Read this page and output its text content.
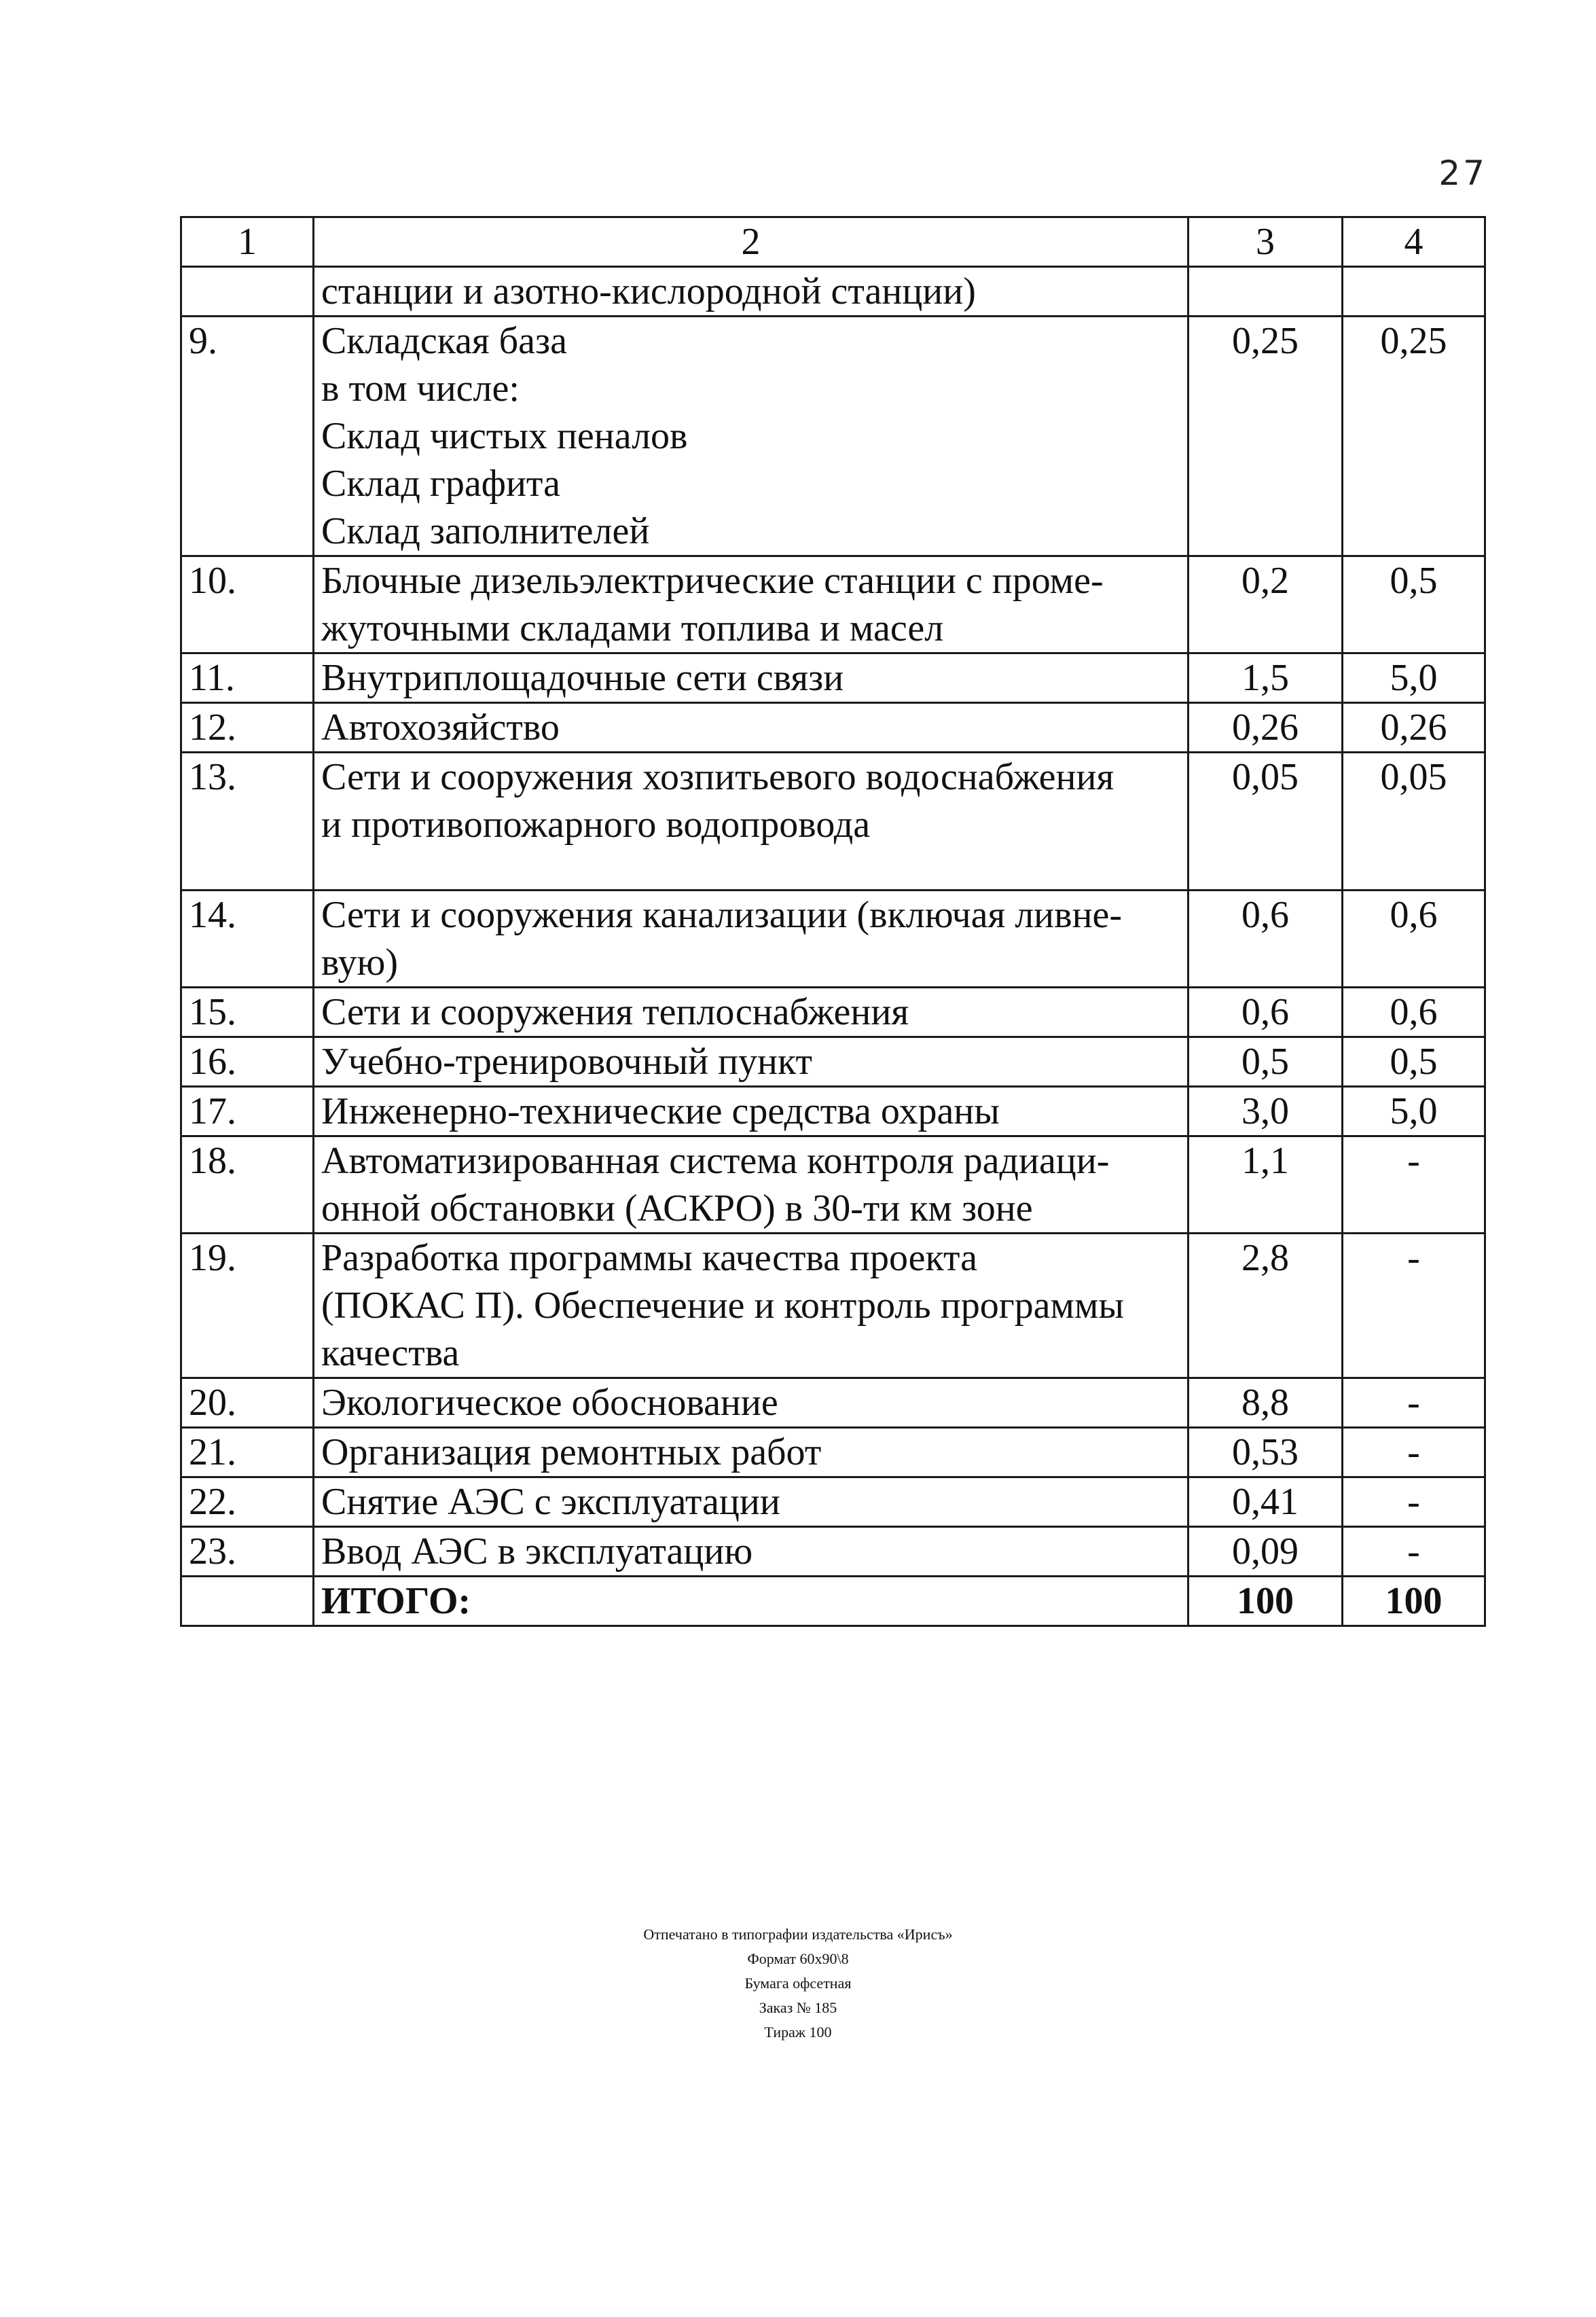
27
1	2	3	4

	станции и азотно-кислородной станции)		

9.	Складская база
в том числе:
Склад чистых пеналов
Склад графита
Склад заполнителей	0,25	0,25
10.	Блочные дизельэлектрические станции с проме-
жуточными складами топлива и масел	0,2	0,5
11.	Внутриплощадочные сети связи	1,5	5,0
12.	Автохозяйство	0,26	0,26
13.	Сети и сооружения хозпитьевого водоснабжения
и противопожарного водопровода	0,05	0,05
14.	Сети и сооружения канализации (включая ливне-
вую)	0,6	0,6
15.	Сети и сооружения теплоснабжения	0,6	0,6
16.	Учебно-тренировочный пункт	0,5	0,5
17.	Инженерно-технические средства охраны	3,0	5,0
18.	Автоматизированная система контроля радиаци-
онной обстановки (АСКРО) в 30-ти км зоне	1,1	-
19.	Разработка программы качества проекта
(ПОКАС П). Обеспечение и контроль программы
качества	2,8	-
20.	Экологическое обоснование	8,8	-
21.	Организация ремонтных работ	0,53	-
22.	Снятие АЭС с эксплуатации	0,41	-
23.	Ввод АЭС в эксплуатацию	0,09	-
	ИТОГО:	100	100
Отпечатано в типографии издательства «Ирисъ»
Формат 60х90\8
Бумага офсетная
Заказ № 185
Тираж 100
